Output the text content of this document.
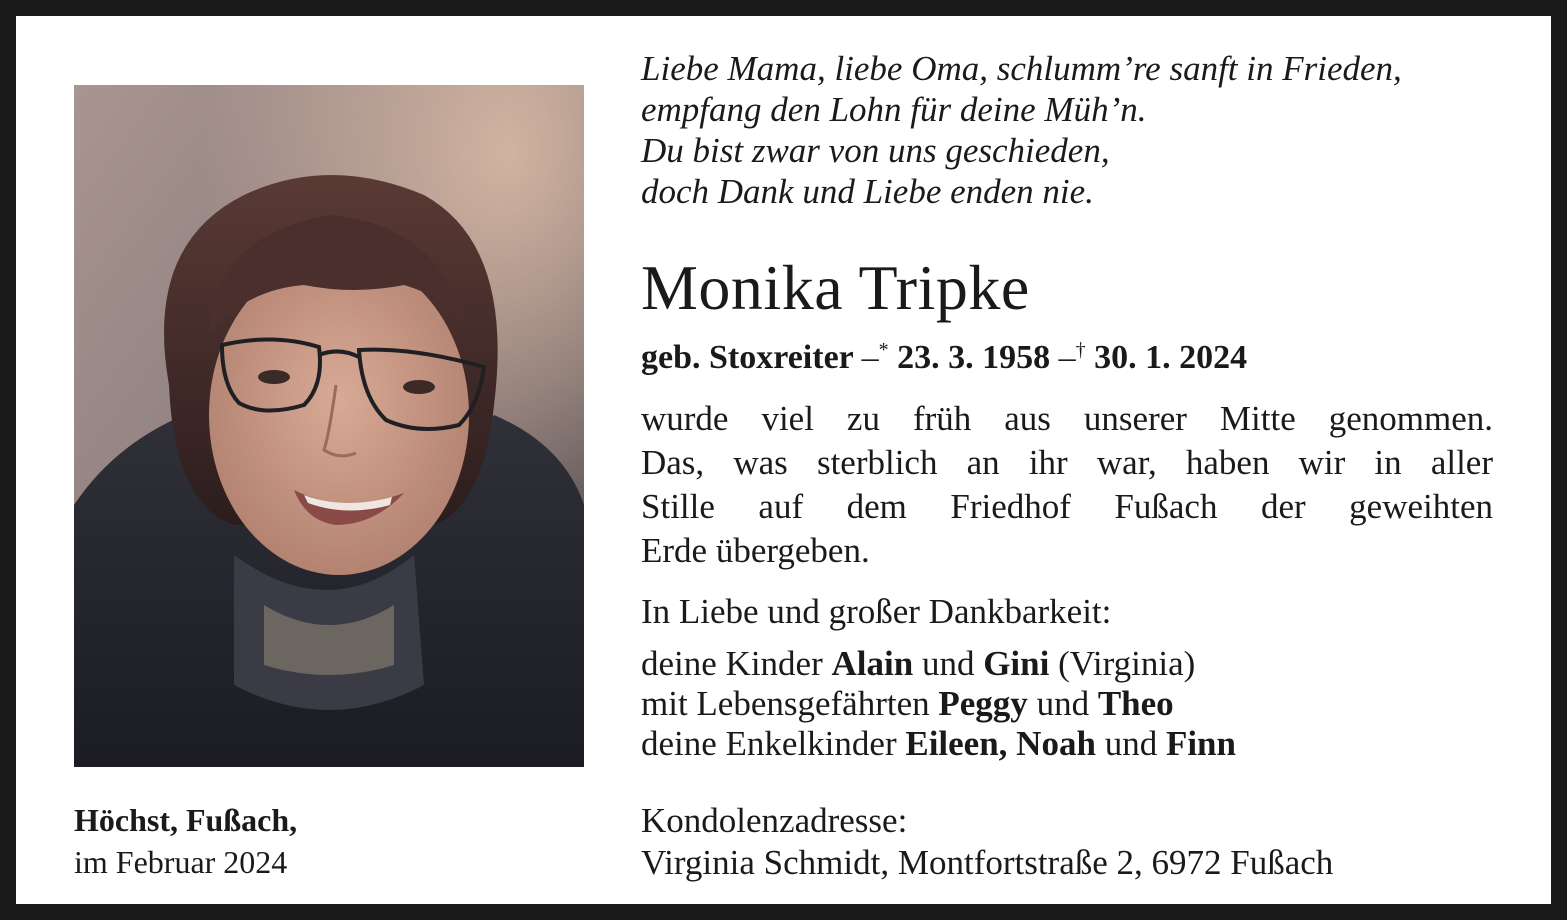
Liebe Mama, liebe Oma, schlumm’re sanft in Frieden,
empfang den Lohn für deine Müh’n.
Du bist zwar von uns geschieden,
doch Dank und Liebe enden nie.
Monika Tripke
geb. Stoxreiter –* 23. 3. 1958 –† 30. 1. 2024
wurde viel zu früh aus unserer Mitte genommen.
Das, was sterblich an ihr war, haben wir in aller
Stille auf dem Friedhof Fußach der geweihten
Erde übergeben.
In Liebe und großer Dankbarkeit:
deine Kinder Alain und Gini (Virginia)
mit Lebensgefährten Peggy und Theo
deine Enkelkinder Eileen, Noah und Finn
Höchst, Fußach,
im Februar 2024
Kondolenzadresse:
Virginia Schmidt, Montfortstraße 2, 6972 Fußach
